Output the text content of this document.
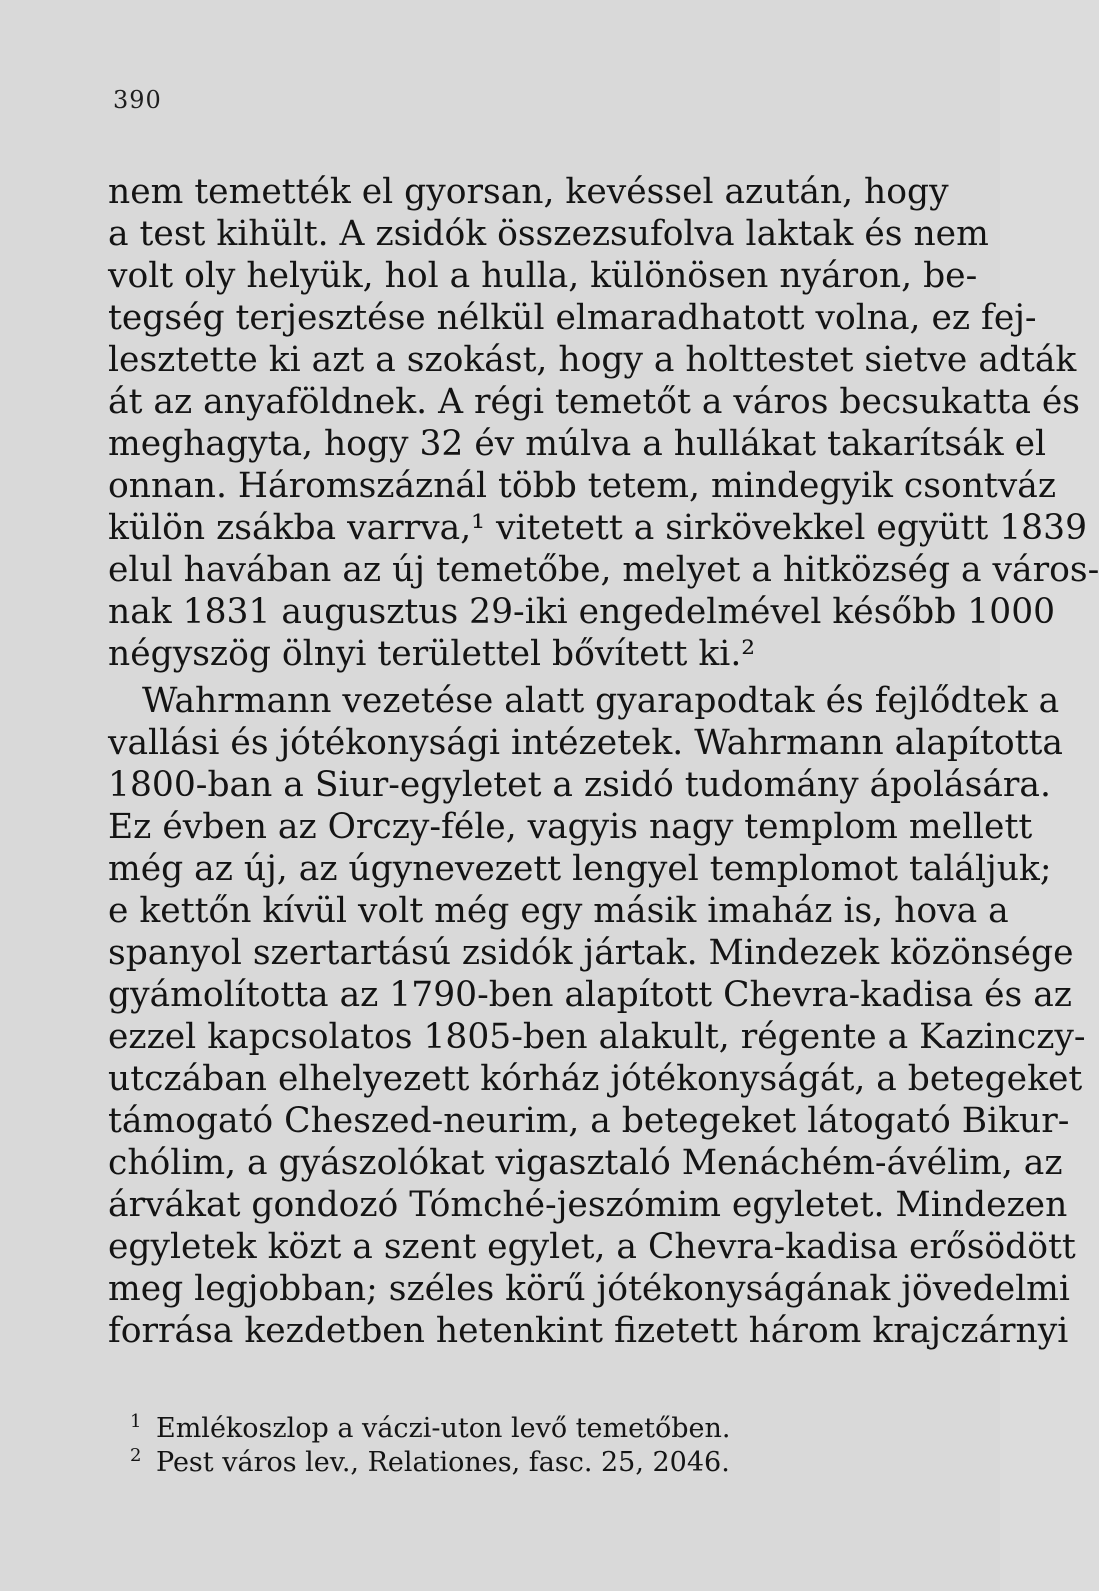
390

nem temették el gyorsan, kevéssel azután, hogy

a test kihült. A zsidók összezsufolva laktak és nem

volt oly helyük, hol a hulla, különösen nyáron, be-

tegség terjesztése nélkül elmaradhatott volna, ez fej-

lesztette ki azt a szokást, hogy a holttestet sietve adták

át az anyaföldnek. A régi temetőt a város becsukatta és

meghagyta, hogy 32 év múlva a hullákat takarítsák el

onnan. Háromszáznál több tetem, mindegyik csontváz

külön zsákba varrva,¹ vitetett a sirkövekkel együtt 1839

elul havában az új temetőbe, melyet a hitközség a város-

nak 1831 augusztus 29-iki engedelmével később 1000

négyszög ölnyi területtel bővített ki.²

Wahrmann vezetése alatt gyarapodtak és fejlődtek a

vallási és jótékonysági intézetek. Wahrmann alapította

1800-ban a Siur-egyletet a zsidó tudomány ápolására.

Ez évben az Orczy-féle, vagyis nagy templom mellett

még az új, az úgynevezett lengyel templomot találjuk;

e kettőn kívül volt még egy másik imaház is, hova a

spanyol szertartású zsidók jártak. Mindezek közönsége

gyámolította az 1790-ben alapított Chevra-kadisa és az

ezzel kapcsolatos 1805-ben alakult, régente a Kazinczy-

utczában elhelyezett kórház jótékonyságát, a betegeket

támogató Cheszed-neurim, a betegeket látogató Bikur-

chólim, a gyászolókat vigasztaló Menáchém-ávélim, az

árvákat gondozó Tómché-jeszómim egyletet. Mindezen

egyletek közt a szent egylet, a Chevra-kadisa erősödött

meg legjobban; széles körű jótékonyságának jövedelmi

forrása kezdetben hetenkint fizetett három krajczárnyi

1 Emlékoszlop a váczi-uton levő temetőben.

2 Pest város lev., Relationes, fasc. 25, 2046.
